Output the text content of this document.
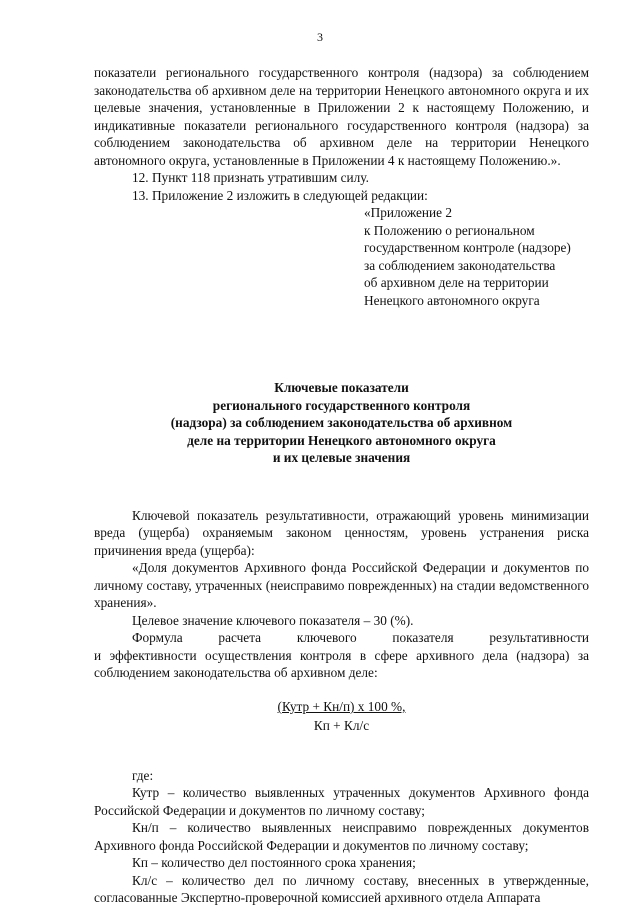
3

показатели регионального государственного контроля (надзора) за соблюдением законодательства об архивном деле на территории Ненецкого автономного округа и их целевые значения, установленные в Приложении 2 к настоящему Положению, и индикативные показатели регионального государственного контроля (надзора) за соблюдением законодательства об архивном деле на территории Ненецкого автономного округа, установленные в Приложении 4 к настоящему Положению.».

12. Пункт 118 признать утратившим силу.

13. Приложение 2 изложить в следующей редакции:

«Приложение 2
к Положению о региональном
государственном контроле (надзоре)
за соблюдением законодательства
об архивном деле на территории
Ненецкого автономного округа
Ключевые показатели
регионального государственного контроля
(надзора) за соблюдением законодательства об архивном
деле на территории Ненецкого автономного округа
и их целевые значения

Ключевой показатель результативности, отражающий уровень минимизации вреда (ущерба) охраняемым законом ценностям, уровень устранения риска причинения вреда (ущерба):

«Доля документов Архивного фонда Российской Федерации и документов по личному составу, утраченных (неисправимо поврежденных) на стадии ведомственного хранения».

Целевое значение ключевого показателя – 30 (%).

Формула расчета ключевого показателя результативности

и эффективности осуществления контроля в сфере архивного дела (надзора) за соблюдением законодательства об архивном деле:

(Кутр + Кн/п) х 100 %,
Кп + Кл/с

где:

Кутр – количество выявленных утраченных документов Архивного фонда Российской Федерации и документов по личному составу;

Кн/п – количество выявленных неисправимо поврежденных документов Архивного фонда Российской Федерации и документов по личному составу;

Кп – количество дел постоянного срока хранения;

Кл/с – количество дел по личному составу, внесенных в утвержденные, согласованные Экспертно-проверочной комиссией архивного отдела Аппарата
